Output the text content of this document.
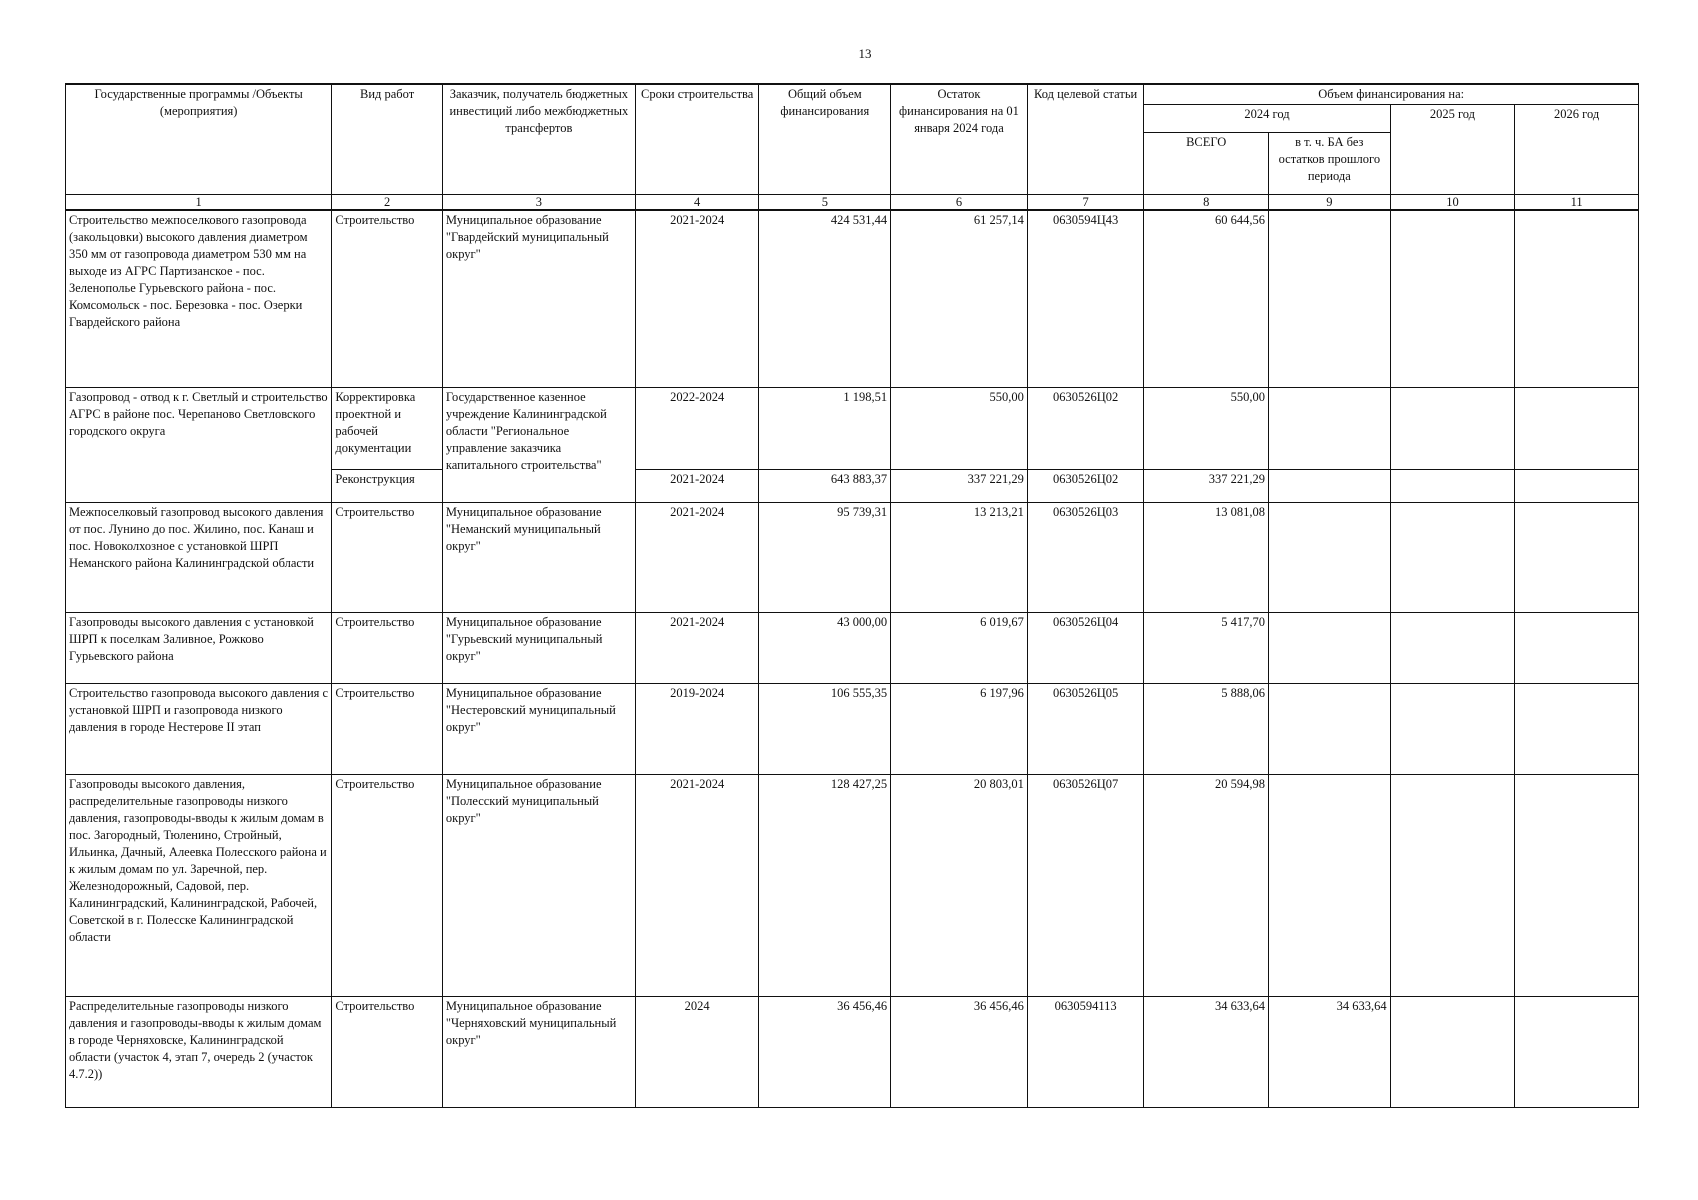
13
Государственные программы /Объекты (мероприятия)	Вид работ	Заказчик, получатель бюджетных инвестиций либо межбюджетных трансфертов	Сроки строительства	Общий объем финансирования	Остаток финансирования на 01 января 2024 года	Код целевой статьи	Объем финансирования на:			
							2024 год		2025 год	2026 год
							ВСЕГО	в т. ч. БА без остатков прошлого периода		
1	2	3	4	5	6	7	8	9	10	11
Строительство межпоселкового газопровода (закольцовки) высокого давления диаметром 350 мм от газопровода диаметром 530 мм на выходе из АГРС Партизанское - пос. Зеленополье Гурьевского района - пос. Комсомольск - пос. Березовка - пос. Озерки Гвардейского района	Строительство	Муниципальное образование "Гвардейский муниципальный округ"	2021-2024	424 531,44	61 257,14	0630594Ц43	60 644,56			
Газопровод - отвод к г. Светлый и строительство АГРС в районе пос. Черепаново Светловского городского округа	Корректировка проектной и рабочей документации	Государственное казенное учреждение Калининградской области "Региональное управление заказчика капитального строительства"	2022-2024	1 198,51	550,00	0630526Ц02	550,00			
	Реконструкция		2021-2024	643 883,37	337 221,29	0630526Ц02	337 221,29			
Межпоселковый газопровод высокого давления от пос. Лунино до пос. Жилино, пос. Канаш и пос. Новоколхозное с установкой ШРП Неманского района Калининградской области	Строительство	Муниципальное образование "Неманский муниципальный округ"	2021-2024	95 739,31	13 213,21	0630526Ц03	13 081,08			
Газопроводы высокого давления с установкой ШРП к поселкам Заливное, Рожково Гурьевского района	Строительство	Муниципальное образование "Гурьевский муниципальный округ"	2021-2024	43 000,00	6 019,67	0630526Ц04	5 417,70			
Строительство газопровода высокого давления с установкой ШРП и газопровода низкого давления в городе Нестерове II этап	Строительство	Муниципальное образование "Нестеровский муниципальный округ"	2019-2024	106 555,35	6 197,96	0630526Ц05	5 888,06			
Газопроводы высокого давления, распределительные газопроводы низкого давления, газопроводы-вводы к жилым домам в пос. Загородный, Тюленино, Стройный, Ильинка, Дачный, Алеевка Полесского района и к жилым домам по ул. Заречной, пер. Железнодорожный, Садовой, пер. Калининградский, Калининградской, Рабочей, Советской в г. Полесске Калининградской области	Строительство	Муниципальное образование "Полесский муниципальный округ"	2021-2024	128 427,25	20 803,01	0630526Ц07	20 594,98			
Распределительные газопроводы низкого давления и газопроводы-вводы к жилым домам в городе Черняховске, Калининградской области (участок 4, этап 7, очередь 2 (участок 4.7.2))	Строительство	Муниципальное образование "Черняховский муниципальный округ"	2024	36 456,46	36 456,46	0630594113	34 633,64	34 633,64		
